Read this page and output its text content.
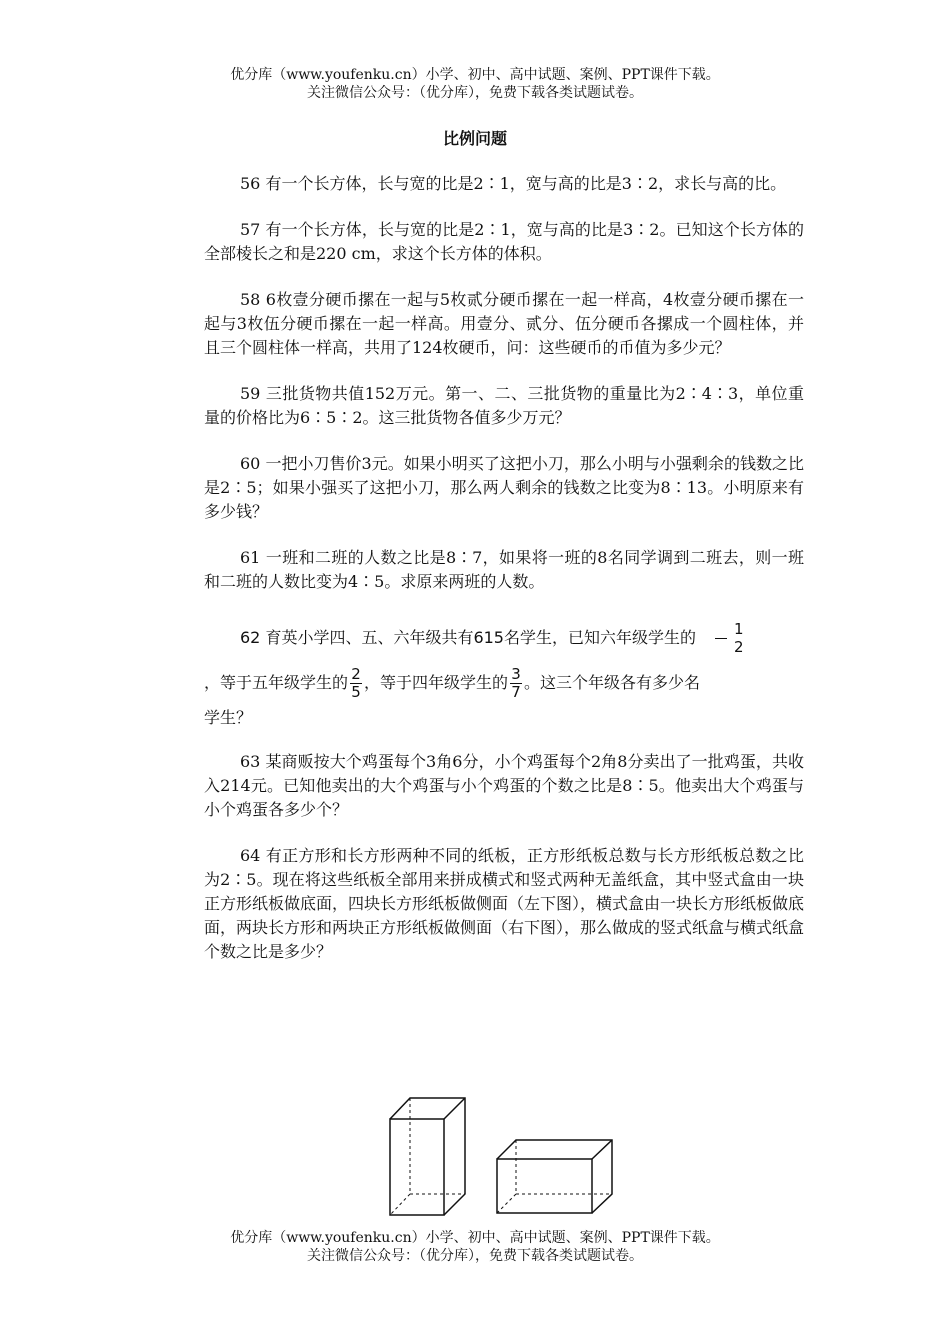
优分库（www.youfenku.cn）小学、初中、高中试题、案例、PPT课件下载。
关注微信公众号：（优分库），免费下载各类试题试卷。
比例问题

56 有一个长方体，长与宽的比是2∶1，宽与高的比是3∶2，求长与高的比。

57 有一个长方体，长与宽的比是2∶1，宽与高的比是3∶2。已知这个长方体的全部棱长之和是220 cm，求这个长方体的体积。

58 6枚壹分硬币摞在一起与5枚贰分硬币摞在一起一样高，4枚壹分硬币摞在一起与3枚伍分硬币摞在一起一样高。用壹分、贰分、伍分硬币各摞成一个圆柱体，并且三个圆柱体一样高，共用了124枚硬币，问：这些硬币的币值为多少元？

59 三批货物共值152万元。第一、二、三批货物的重量比为2∶4∶3，单位重量的价格比为6∶5∶2。这三批货物各值多少万元？

60 一把小刀售价3元。如果小明买了这把小刀，那么小明与小强剩余的钱数之比是2∶5；如果小强买了这把小刀，那么两人剩余的钱数之比变为8∶13。小明原来有多少钱？

61 一班和二班的人数之比是8∶7，如果将一班的8名同学调到二班去，则一班和二班的人数比变为4∶5。求原来两班的人数。

62 育英小学四、五、六年级共有615名学生，已知六年级学生的 $\frac{1}{2}$
，等于五年级学生的 $\frac{2}{5}$ ，等于四年级学生的 $\frac{3}{7}$ 。这三个年级各有多少名
学生？

63 某商贩按大个鸡蛋每个3角6分，小个鸡蛋每个2角8分卖出了一批鸡蛋，共收入214元。已知他卖出的大个鸡蛋与小个鸡蛋的个数之比是8∶5。他卖出大个鸡蛋与小个鸡蛋各多少个？

64 有正方形和长方形两种不同的纸板，正方形纸板总数与长方形纸板总数之比为2∶5。现在将这些纸板全部用来拼成横式和竖式两种无盖纸盒，其中竖式盒由一块正方形纸板做底面，四块长方形纸板做侧面（左下图），横式盒由一块长方形纸板做底面，两块长方形和两块正方形纸板做侧面（右下图），那么做成的竖式纸盒与横式纸盒个数之比是多少？

优分库（www.youfenku.cn）小学、初中、高中试题、案例、PPT课件下载。
关注微信公众号：（优分库），免费下载各类试题试卷。
